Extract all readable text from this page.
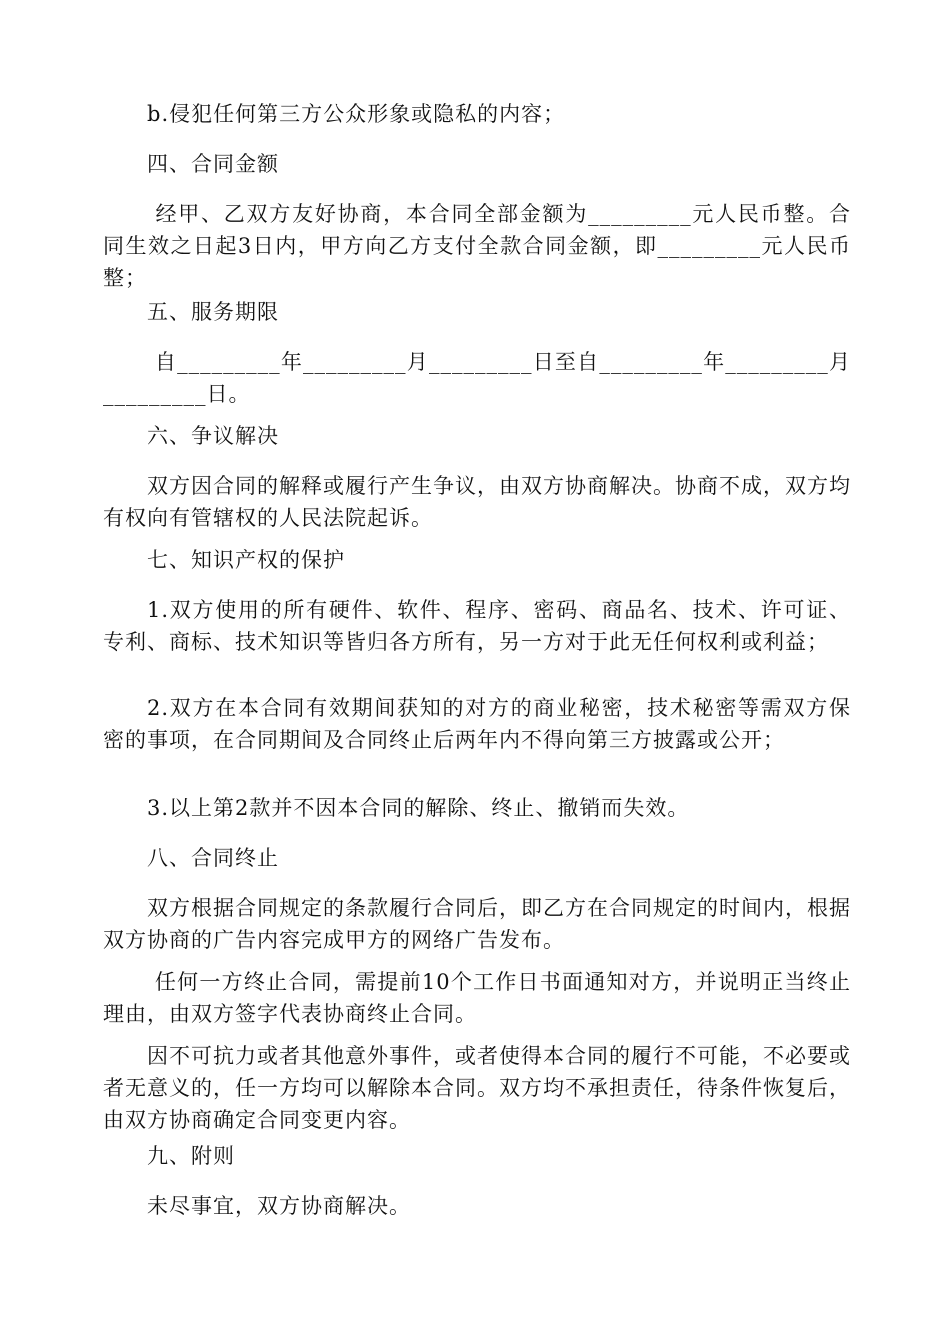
b.侵犯任何第三方公众形象或隐私的内容；

四、合同金额

经甲、乙双方友好协商，本合同全部金额为_________元人民币整。合同生效之日起3日内，甲方向乙方支付全款合同金额，即_________元人民币整；

五、服务期限

自_________年_________月_________日至自_________年_________月_________日。

六、争议解决

双方因合同的解释或履行产生争议，由双方协商解决。协商不成，双方均有权向有管辖权的人民法院起诉。

七、知识产权的保护

1.双方使用的所有硬件、软件、程序、密码、商品名、技术、许可证、专利、商标、技术知识等皆归各方所有，另一方对于此无任何权利或利益；

2.双方在本合同有效期间获知的对方的商业秘密，技术秘密等需双方保密的事项，在合同期间及合同终止后两年内不得向第三方披露或公开；

3.以上第2款并不因本合同的解除、终止、撤销而失效。

八、合同终止

双方根据合同规定的条款履行合同后，即乙方在合同规定的时间内，根据双方协商的广告内容完成甲方的网络广告发布。

任何一方终止合同，需提前10个工作日书面通知对方，并说明正当终止理由，由双方签字代表协商终止合同。

因不可抗力或者其他意外事件，或者使得本合同的履行不可能，不必要或者无意义的，任一方均可以解除本合同。双方均不承担责任，待条件恢复后，由双方协商确定合同变更内容。

九、附则

未尽事宜，双方协商解决。
